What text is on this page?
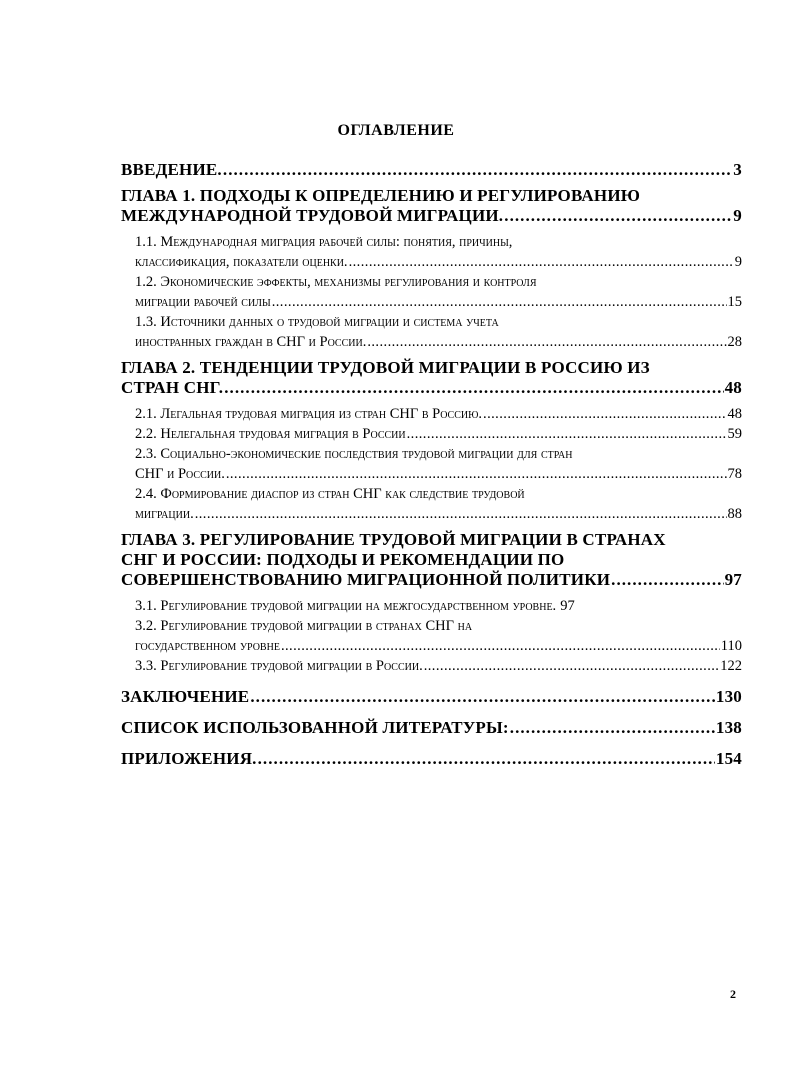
ОГЛАВЛЕНИЕ
ВВЕДЕНИЕ. . . .	3
ГЛАВА 1. ПОДХОДЫ К ОПРЕДЕЛЕНИЮ И РЕГУЛИРОВАНИЮ
МЕЖДУНАРОДНОЙ ТРУДОВОЙ МИГРАЦИИ. . . .	9
1.1. Международная миграция рабочей силы: понятия, причины,
классификация, показатели оценки. . . .	9
1.2. Экономические эффекты, механизмы регулирования и контроля
миграции рабочей силы . . .	15
1.3. Источники данных о трудовой миграции и система учета
иностранных граждан в СНГ и России. . . .	28
ГЛАВА 2. ТЕНДЕНЦИИ ТРУДОВОЙ МИГРАЦИИ В РОССИЮ ИЗ
СТРАН СНГ. . . .	48
2.1. Легальная трудовая миграция из стран СНГ в Россию. . . .	48
2.2. Нелегальная трудовая миграция в России . . .	59
2.3. Социально-экономические последствия трудовой миграции для стран
СНГ и России. . . .	78
2.4. Формирование диаспор из стран СНГ как следствие трудовой
миграции. . . .	88
ГЛАВА 3. РЕГУЛИРОВАНИЕ ТРУДОВОЙ МИГРАЦИИ В СТРАНАХ
СНГ И РОССИИ: ПОДХОДЫ И РЕКОМЕНДАЦИИ ПО
СОВЕРШЕНСТВОВАНИЮ МИГРАЦИОННОЙ ПОЛИТИКИ . . .	97
3.1. Регулирование трудовой миграции на межгосударственном уровне. 97
3.2. Регулирование трудовой миграции в странах СНГ на
государственном уровне . . .	110
3.3. Регулирование трудовой миграции в России. . . .	122
ЗАКЛЮЧЕНИЕ . . .	130
СПИСОК ИСПОЛЬЗОВАННОЙ ЛИТЕРАТУРЫ: . . .	138
ПРИЛОЖЕНИЯ. . . .	154
2
